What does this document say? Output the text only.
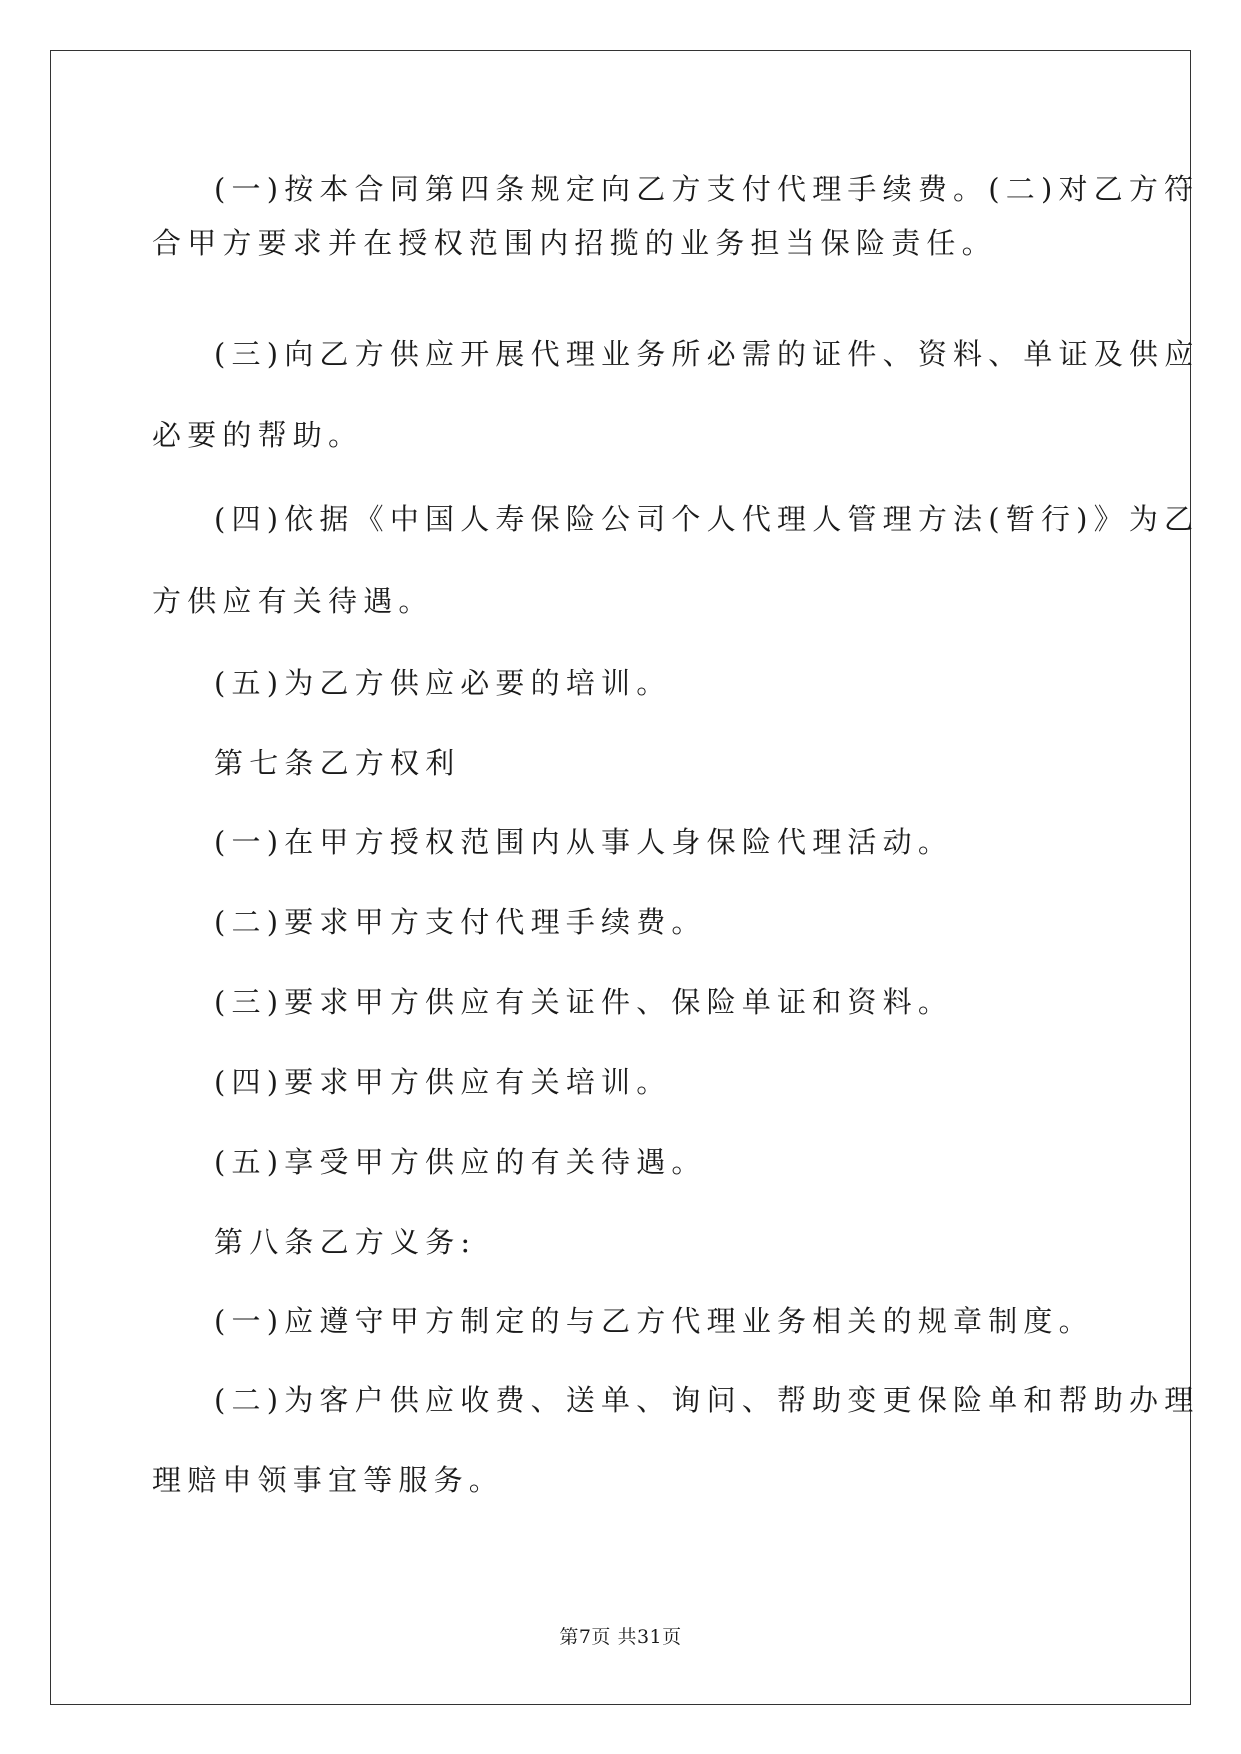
(一)按本合同第四条规定向乙方支付代理手续费。(二)对乙方符
合甲方要求并在授权范围内招揽的业务担当保险责任。
(三)向乙方供应开展代理业务所必需的证件、资料、单证及供应
必要的帮助。
(四)依据《中国人寿保险公司个人代理人管理方法(暂行)》为乙
方供应有关待遇。
(五)为乙方供应必要的培训。
第七条乙方权利
(一)在甲方授权范围内从事人身保险代理活动。
(二)要求甲方支付代理手续费。
(三)要求甲方供应有关证件、保险单证和资料。
(四)要求甲方供应有关培训。
(五)享受甲方供应的有关待遇。
第八条乙方义务:
(一)应遵守甲方制定的与乙方代理业务相关的规章制度。
(二)为客户供应收费、送单、询问、帮助变更保险单和帮助办理
理赔申领事宜等服务。
第7页 共31页
